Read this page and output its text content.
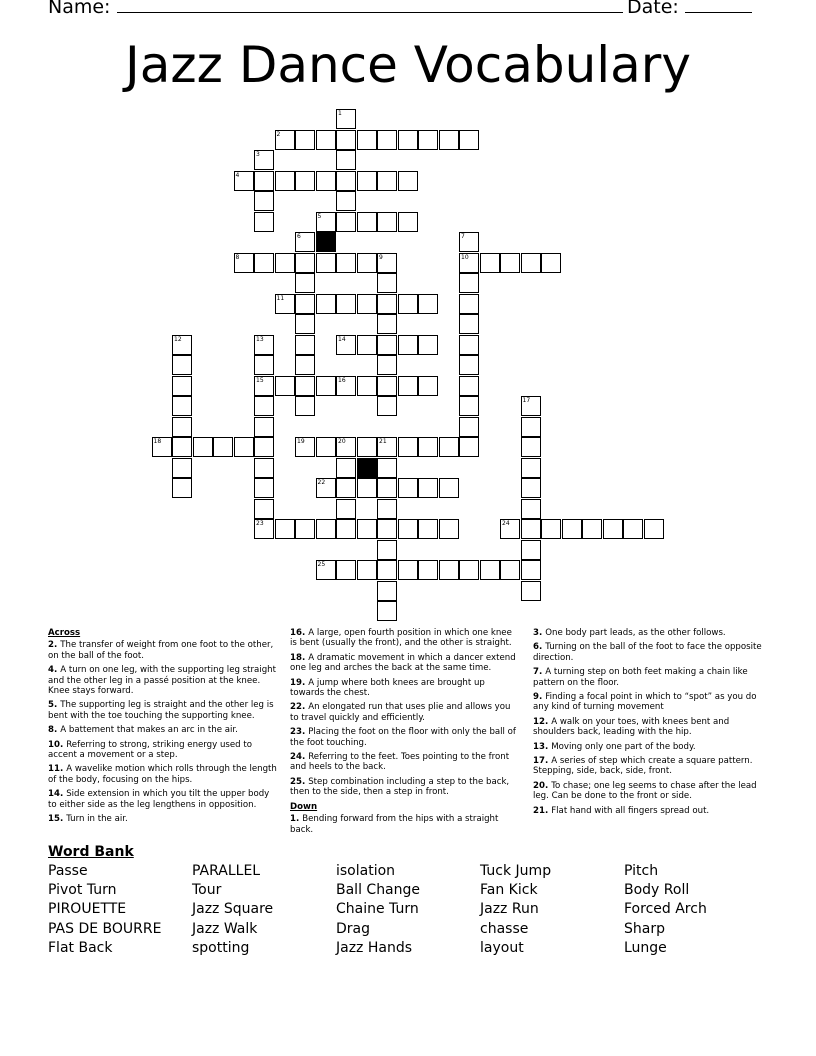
Name:	Date:
Jazz Dance Vocabulary
2
4
5
8	9	10
11
14
15	16
18	19	20	21
22
23	24
25
1
3
6	7
12	13
17
Across
2. The transfer of weight from one foot to the other, on the ball of the foot.
4. A turn on one leg, with the supporting leg straight and the other leg in a passé position at the knee. Knee stays forward.
5. The supporting leg is straight and the other leg is bent with the toe touching the supporting knee.
8. A battement that makes an arc in the air.
10. Referring to strong, striking energy used to accent a movement or a step.
11. A wavelike motion which rolls through the length of the body, focusing on the hips.
14. Side extension in which you tilt the upper body to either side as the leg lengthens in opposition.
15. Turn in the air.
16. A large, open fourth position in which one knee is bent (usually the front), and the other is straight.
18. A dramatic movement in which a dancer extend one leg and arches the back at the same time.
19. A jump where both knees are brought up towards the chest.
22. An elongated run that uses plie and allows you to travel quickly and efficiently.
23. Placing the foot on the floor with only the ball of the foot touching.
24. Referring to the feet. Toes pointing to the front and heels to the back.
25. Step combination including a step to the back, then to the side, then a step in front.
Down
1. Bending forward from the hips with a straight back.
3. One body part leads, as the other follows.
6. Turning on the ball of the foot to face the opposite direction.
7. A turning step on both feet making a chain like pattern on the floor.
9. Finding a focal point in which to “spot” as you do any kind of turning movement
12. A walk on your toes, with knees bent and shoulders back, leading with the hip.
13. Moving only one part of the body.
17. A series of step which create a square pattern. Stepping, side, back, side, front.
20. To chase; one leg seems to chase after the lead leg. Can be done to the front or side.
21. Flat hand with all fingers spread out.
Word Bank
Passe
Pivot Turn
PIROUETTE
PAS DE BOURRE
Flat Back
PARALLEL
Tour
Jazz Square
Jazz Walk
spotting
isolation
Ball Change
Chaine Turn
Drag
Jazz Hands
Tuck Jump
Fan Kick
Jazz Run
chasse
layout
Pitch
Body Roll
Forced Arch
Sharp
Lunge
